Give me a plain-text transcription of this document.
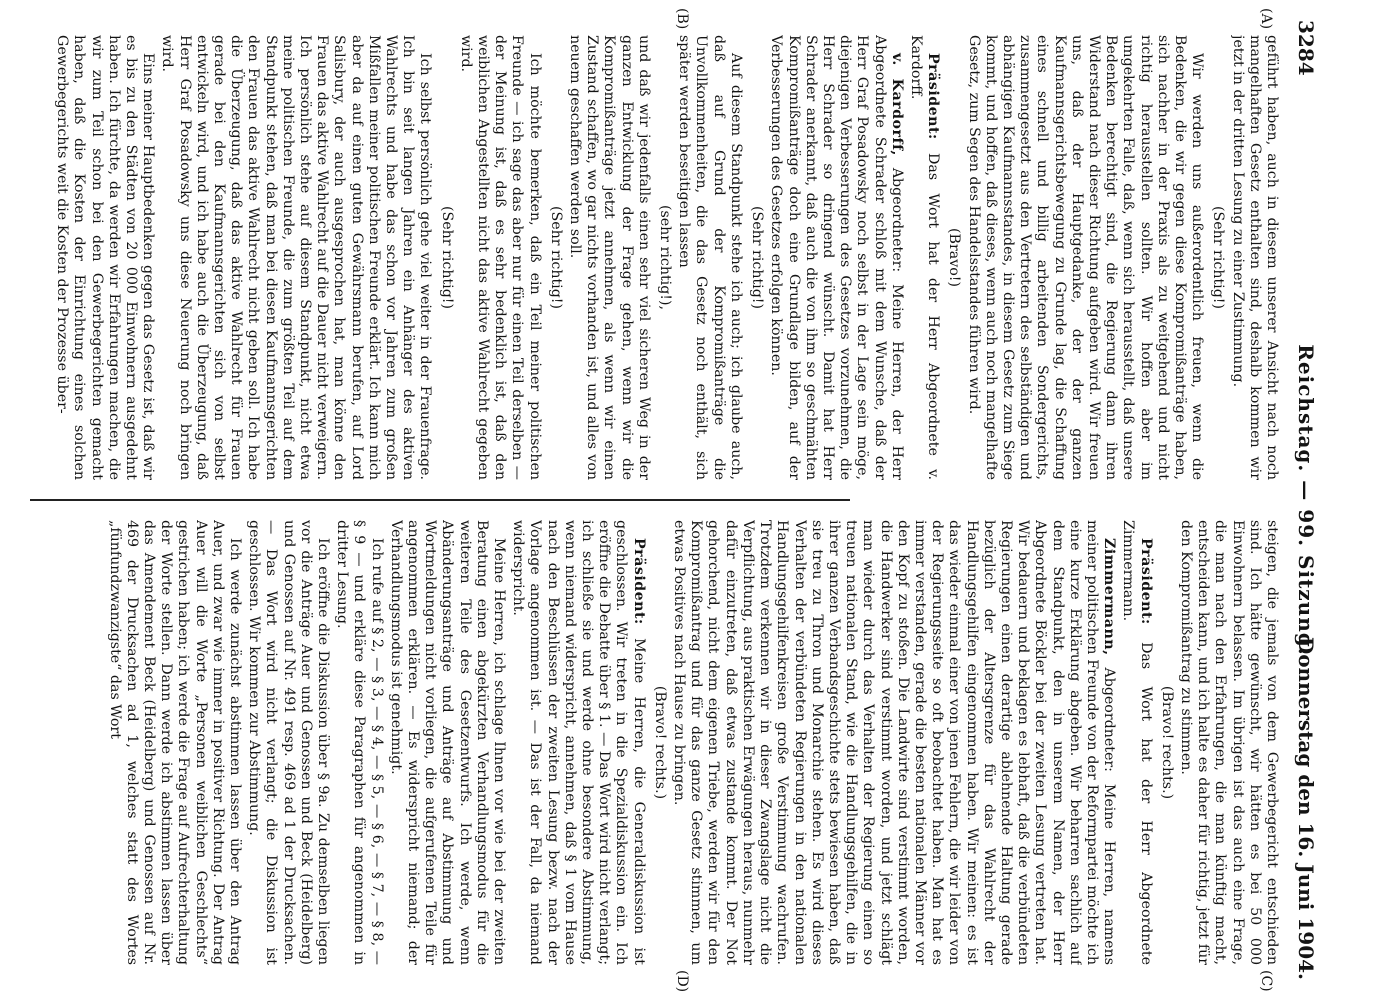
3284
Reichstag. — 99. Sitzung.
Donnerstag den 16. Juni 1904.
(A)
(B)
(C)
(D)

geführt haben, auch in diesem unserer Ansicht nach noch mangelhaften Gesetz enthalten sind, deshalb kommen wir jetzt in der dritten Lesung zu einer Zustimmung.

(Sehr richtig!)

Wir werden uns außerordentlich freuen, wenn die Bedenken, die wir gegen diese Kompromißanträge haben, sich nachher in der Praxis als zu weitgehend und nicht richtig herausstellen sollten. Wir hoffen aber im umgekehrten Falle, daß, wenn sich herausstellt, daß unsere Bedenken berechtigt sind, die Regierung dann ihren Widerstand nach dieser Richtung aufgeben wird. Wir freuen uns, daß der Hauptgedanke, der der ganzen Kaufmannsgerichtsbewegung zu Grunde lag, die Schaffung eines schnell und billig arbeitenden Sondergerichts, zusammengesetzt aus den Vertretern des selbständigen und abhängigen Kaufmannsstandes, in diesem Gesetz zum Siege kommt, und hoffen, daß dieses, wenn auch noch mangelhafte Gesetz, zum Segen des Handelsstandes führen wird.

(Bravo!)

Präsident: Das Wort hat der Herr Abgeordnete v. Kardorff.

v. Kardorff, Abgeordneter: Meine Herren, der Herr Abgeordnete Schrader schloß mit dem Wunsche, daß der Herr Graf Posadowsky noch selbst in der Lage sein möge, diejenigen Verbesserungen des Gesetzes vorzunehmen, die Herr Schrader so dringend wünscht. Damit hat Herr Schrader anerkannt, daß auch die von ihm so geschmähten Kompromißanträge doch eine Grundlage bilden, auf der Verbesserungen des Gesetzes erfolgen können.

(Sehr richtig!)

Auf diesem Standpunkt stehe ich auch; ich glaube auch, daß auf Grund der Kompromißanträge die Unvollkommenheiten, die das Gesetz noch enthält, sich später werden beseitigen lassen

(sehr richtig!),

und daß wir jedenfalls einen sehr viel sicheren Weg in der ganzen Entwicklung der Frage gehen, wenn wir die Kompromißanträge jetzt annehmen, als wenn wir einen Zustand schaffen, wo gar nichts vorhanden ist, und alles von neuem geschaffen werden soll.

(Sehr richtig!)

Ich möchte bemerken, daß ein Teil meiner politischen Freunde — ich sage das aber nur für einen Teil derselben — der Meinung ist, daß es sehr bedenklich ist, daß den weiblichen Angestellten nicht das aktive Wahlrecht gegeben wird.

(Sehr richtig!)

Ich selbst persönlich gehe viel weiter in der Frauenfrage. Ich bin seit langen Jahren ein Anhänger des aktiven Wahlrechts und habe das schon vor Jahren zum großen Mißfallen meiner politischen Freunde erklärt. Ich kann mich aber da auf einen guten Gewährsmann berufen, auf Lord Salisbury, der auch ausgesprochen hat, man könne den Frauen das aktive Wahlrecht auf die Dauer nicht verweigern. Ich persönlich stehe auf diesem Standpunkt, nicht etwa meine politischen Freunde, die zum größten Teil auf dem Standpunkt stehen, daß man bei diesen Kaufmannsgerichten den Frauen das aktive Wahlrecht nicht geben soll. Ich habe die Überzeugung, daß das aktive Wahlrecht für Frauen gerade bei den Kaufmannsgerichten sich von selbst entwickeln wird, und ich habe auch die Überzeugung, daß Herr Graf Posadowsky uns diese Neuerung noch bringen wird.

Eins meiner Hauptbedenken gegen das Gesetz ist, daß wir es bis zu den Städten von 20 000 Einwohnern ausgedehnt haben. Ich fürchte, da werden wir Erfahrungen machen, die wir zum Teil schon bei den Gewerbegerichten gemacht haben, daß die Kosten der Einrichtung eines solchen Gewerbegerichts weit die Kosten der Prozesse über-

steigen, die jemals von dem Gewerbegericht entschieden sind. Ich hätte gewünscht, wir hätten es bei 50 000 Einwohnern belassen. Im übrigen ist das auch eine Frage, die man nach den Erfahrungen, die man künftig macht, entscheiden kann, und ich halte es daher für richtig, jetzt für den Kompromißantrag zu stimmen.

(Bravo! rechts.)

Präsident: Das Wort hat der Herr Abgeordnete Zimmermann.

Zimmermann, Abgeordneter: Meine Herren, namens meiner politischen Freunde von der Reformpartei möchte ich eine kurze Erklärung abgeben. Wir beharren sachlich auf dem Standpunkt, den in unserem Namen, der Herr Abgeordnete Böckler bei der zweiten Lesung vertreten hat. Wir bedauern und beklagen es lebhaft, daß die verbündeten Regierungen einen derartige ablehnende Haltung gerade bezüglich der Altersgrenze für das Wahlrecht der Handlungsgehilfen eingenommen haben. Wir meinen: es ist das wieder einmal einer von jenen Fehlern, die wir leider von der Regierungsseite so oft beobachtet haben. Man hat es immer verstanden, gerade die besten nationalen Männer vor den Kopf zu stoßen. Die Landwirte sind verstimmt worden, die Handwerker sind verstimmt worden, und jetzt schlägt man wieder durch das Verhalten der Regierung einen so treuen nationalen Stand, wie die Handlungsgehilfen, die in ihrer ganzen Verbandsgeschichte stets bewiesen haben, daß sie treu zu Thron und Monarchie stehen. Es wird dieses Verhalten der verbündeten Regierungen in den nationalen Handlungsgehilfenkreisen große Verstimmung wachrufen. Trotzdem verkennen wir in dieser Zwangslage nicht die Verpflichtung, aus praktischen Erwägungen heraus, nunmehr dafür einzutreten, daß etwas zustande kommt. Der Not gehorchend, nicht dem eigenen Triebe, werden wir für den Kompromißantrag und für das ganze Gesetz stimmen, um etwas Positives nach Hause zu bringen.

(Bravo! rechts.)

Präsident: Meine Herren, die Generaldiskussion ist geschlossen. Wir treten in die Spezialdiskussion ein. Ich eröffne die Debatte über § 1. — Das Wort wird nicht verlangt; ich schließe sie und werde ohne besondere Abstimmung, wenn niemand widerspricht, annehmen, daß § 1 vom Hause nach den Beschlüssen der zweiten Lesung bezw. nach der Vorlage angenommen ist. — Das ist der Fall, da niemand widerspricht.

Meine Herren, ich schlage Ihnen vor wie bei der zweiten Beratung einen abgekürzten Verhandlungsmodus für die weiteren Teile des Gesetzentwurfs. Ich werde, wenn Abänderungsanträge und Anträge auf Abstimmung und Wortmeldungen nicht vorliegen, die aufgerufenen Teile für angenommen erklären. — Es widerspricht niemand; der Verhandlungsmodus ist genehmigt.

Ich rufe auf § 2, — § 3, — § 4, — § 5, — § 6, — § 7, — § 8, — § 9 — und erkläre diese Paragraphen für angenommen in dritter Lesung.

Ich eröffne die Diskussion über § 9a. Zu demselben liegen vor die Anträge Auer und Genossen und Beck (Heidelberg) und Genossen auf Nr. 491 resp. 469 ad 1 der Drucksachen. — Das Wort wird nicht verlangt; die Diskussion ist geschlossen. Wir kommen zur Abstimmung.

Ich werde zunächst abstimmen lassen über den Antrag Auer, und zwar wie immer in positiver Richtung. Der Antrag Auer will die Worte „Personen weiblichen Geschlechts“ gestrichen haben; ich werde die Frage auf Aufrechterhaltung der Worte stellen. Dann werde ich abstimmen lassen über das Amendement Beck (Heidelberg) und Genossen auf Nr. 469 der Drucksachen ad 1, welches statt des Wortes „fünfundzwanzigste“ das Wort
